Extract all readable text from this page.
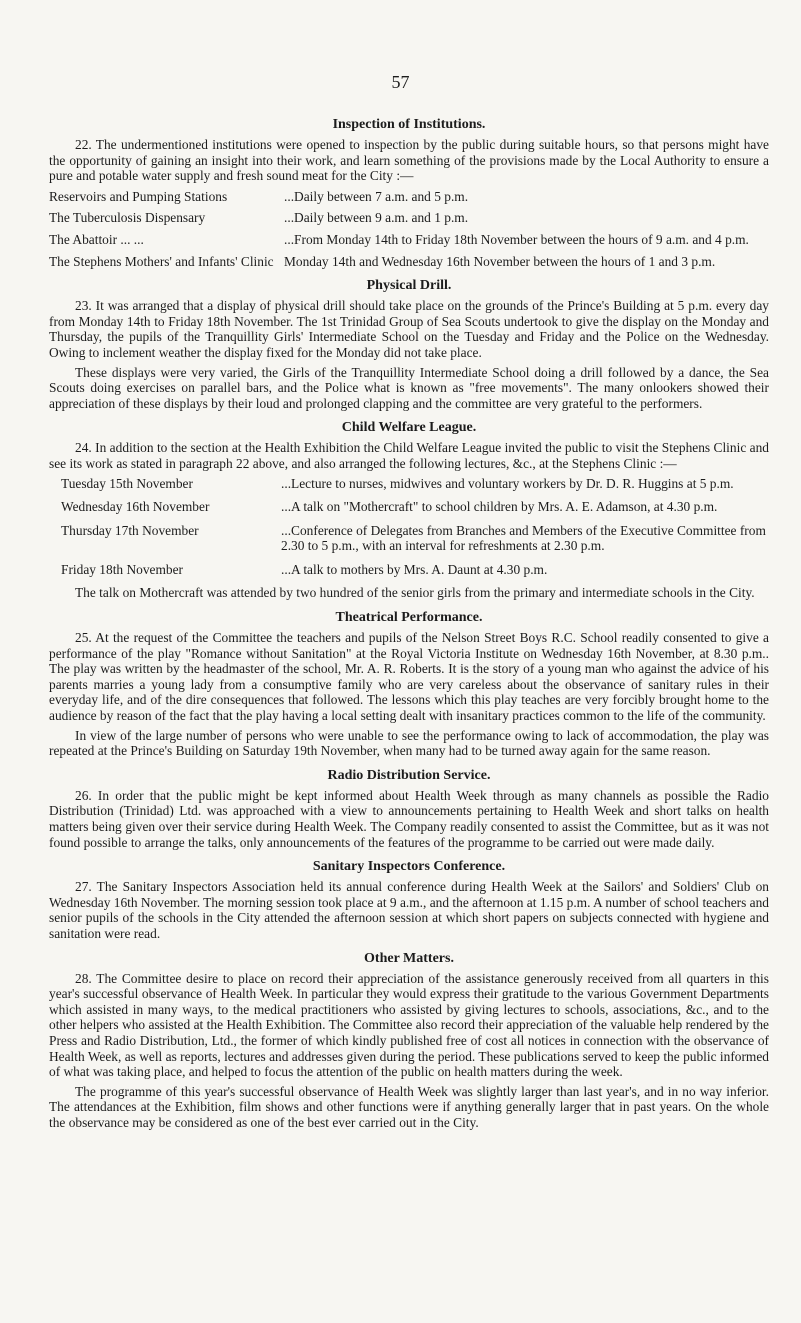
57
Inspection of Institutions.

22. The undermentioned institutions were opened to inspection by the public during suitable hours, so that persons might have the opportunity of gaining an insight into their work, and learn something of the provisions made by the Local Authority to ensure a pure and potable water supply and fresh sound meat for the City :—

Reservoirs and Pumping Stations	...Daily between 7 a.m. and 5 p.m.
The Tuberculosis Dispensary	...Daily between 9 a.m. and 1 p.m.
The Abattoir ... ...	...From Monday 14th to Friday 18th November between the hours of 9 a.m. and 4 p.m.
The Stephens Mothers' and Infants' Clinic Monday 14th and Wednesday 16th November between the hours of 1 and 3 p.m.
Physical Drill.

23. It was arranged that a display of physical drill should take place on the grounds of the Prince's Building at 5 p.m. every day from Monday 14th to Friday 18th November. The 1st Trinidad Group of Sea Scouts undertook to give the display on the Monday and Thursday, the pupils of the Tranquillity Girls' Intermediate School on the Tuesday and Friday and the Police on the Wednesday. Owing to inclement weather the display fixed for the Monday did not take place.

These displays were very varied, the Girls of the Tranquillity Intermediate School doing a drill followed by a dance, the Sea Scouts doing exercises on parallel bars, and the Police what is known as "free movements". The many onlookers showed their appreciation of these displays by their loud and prolonged clapping and the committee are very grateful to the performers.

Child Welfare League.

24. In addition to the section at the Health Exhibition the Child Welfare League invited the public to visit the Stephens Clinic and see its work as stated in paragraph 22 above, and also arranged the following lectures, &c., at the Stephens Clinic :—

Tuesday 15th November	...Lecture to nurses, midwives and voluntary workers by Dr. D. R. Huggins at 5 p.m.
Wednesday 16th November	...A talk on "Mothercraft" to school children by Mrs. A. E. Adamson, at 4.30 p.m.
Thursday 17th November	...Conference of Delegates from Branches and Members of the Executive Committee from 2.30 to 5 p.m., with an interval for refreshments at 2.30 p.m.
Friday 18th November	...A talk to mothers by Mrs. A. Daunt at 4.30 p.m.

The talk on Mothercraft was attended by two hundred of the senior girls from the primary and intermediate schools in the City.

Theatrical Performance.

25. At the request of the Committee the teachers and pupils of the Nelson Street Boys R.C. School readily consented to give a performance of the play "Romance without Sanitation" at the Royal Victoria Institute on Wednesday 16th November, at 8.30 p.m.. The play was written by the headmaster of the school, Mr. A. R. Roberts. It is the story of a young man who against the advice of his parents marries a young lady from a consumptive family who are very careless about the observance of sanitary rules in their everyday life, and of the dire consequences that followed. The lessons which this play teaches are very forcibly brought home to the audience by reason of the fact that the play having a local setting dealt with insanitary practices common to the life of the community.

In view of the large number of persons who were unable to see the performance owing to lack of accommodation, the play was repeated at the Prince's Building on Saturday 19th November, when many had to be turned away again for the same reason.

Radio Distribution Service.

26. In order that the public might be kept informed about Health Week through as many channels as possible the Radio Distribution (Trinidad) Ltd. was approached with a view to announcements pertaining to Health Week and short talks on health matters being given over their service during Health Week. The Company readily consented to assist the Committee, but as it was not found possible to arrange the talks, only announcements of the features of the programme to be carried out were made daily.

Sanitary Inspectors Conference.

27. The Sanitary Inspectors Association held its annual conference during Health Week at the Sailors' and Soldiers' Club on Wednesday 16th November. The morning session took place at 9 a.m., and the afternoon at 1.15 p.m. A number of school teachers and senior pupils of the schools in the City attended the afternoon session at which short papers on subjects connected with hygiene and sanitation were read.

Other Matters.

28. The Committee desire to place on record their appreciation of the assistance generously received from all quarters in this year's successful observance of Health Week. In particular they would express their gratitude to the various Government Departments which assisted in many ways, to the medical practitioners who assisted by giving lectures to schools, associations, &c., and to the other helpers who assisted at the Health Exhibition. The Committee also record their appreciation of the valuable help rendered by the Press and Radio Distribution, Ltd., the former of which kindly published free of cost all notices in connection with the observance of Health Week, as well as reports, lectures and addresses given during the period. These publications served to keep the public informed of what was taking place, and helped to focus the attention of the public on health matters during the week.

The programme of this year's successful observance of Health Week was slightly larger than last year's, and in no way inferior. The attendances at the Exhibition, film shows and other functions were if anything generally larger that in past years. On the whole the observance may be considered as one of the best ever carried out in the City.
